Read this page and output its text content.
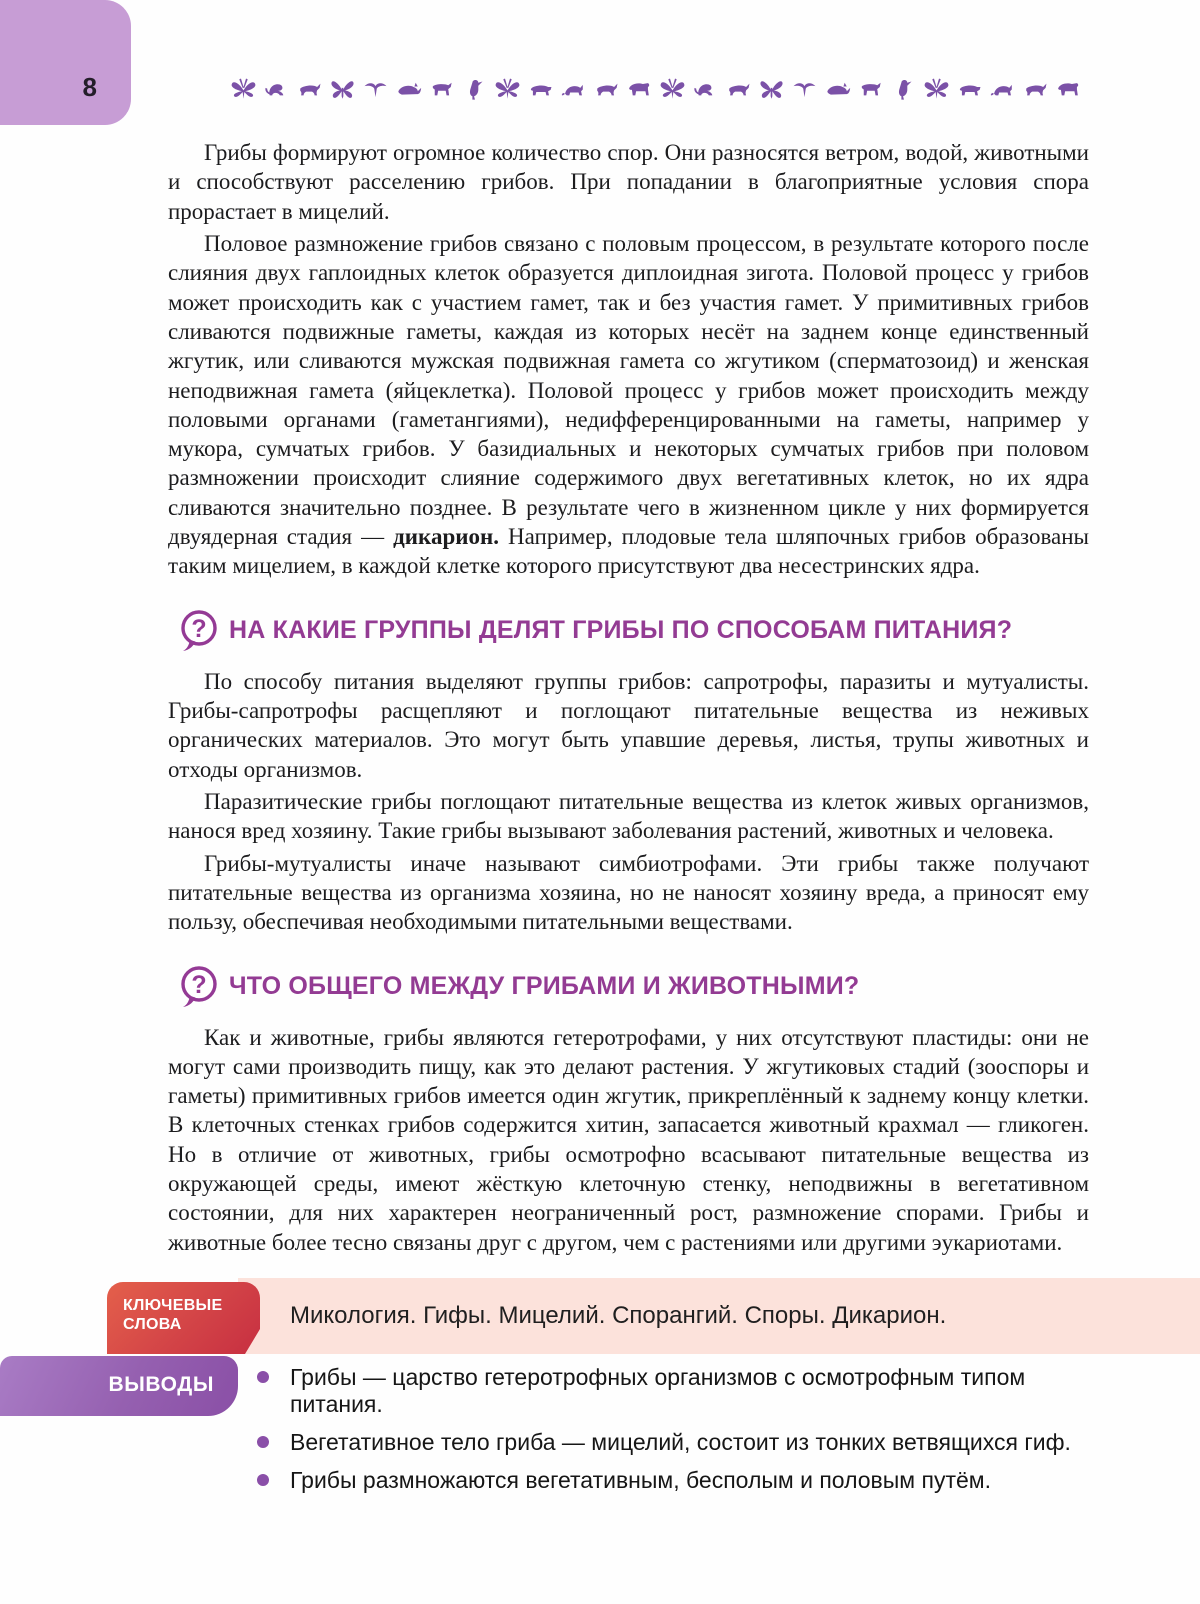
8

Грибы формируют огромное количество спор. Они разносятся ветром, водой, животными и способствуют расселению грибов. При попадании в благоприятные условия спора прорастает в мицелий.

Половое размножение грибов связано с половым процессом, в результате которого после слияния двух гаплоидных клеток образуется диплоидная зигота. Половой процесс у грибов может происходить как с участием гамет, так и без участия гамет. У примитивных грибов сливаются подвижные гаметы, каждая из которых несёт на заднем конце единственный жгутик, или сливаются мужская подвижная гамета со жгутиком (сперматозоид) и женская неподвижная гамета (яйцеклетка). Половой процесс у грибов может происходить между половыми органами (гаметангиями), недифференцированными на гаметы, например у мукора, сумчатых грибов. У базидиальных и некоторых сумчатых грибов при половом размножении происходит слияние содержимого двух вегетативных клеток, но их ядра сливаются значительно позднее. В результате чего в жизненном цикле у них формируется двуядерная стадия — дикарион. Например, плодовые тела шляпочных грибов образованы таким мицелием, в каждой клетке которого присутствуют два несестринских ядра.

? НА КАКИЕ ГРУППЫ ДЕЛЯТ ГРИБЫ ПО СПОСОБАМ ПИТАНИЯ?

По способу питания выделяют группы грибов: сапротрофы, паразиты и мутуалисты. Грибы-сапротрофы расщепляют и поглощают питательные вещества из неживых органических материалов. Это могут быть упавшие деревья, листья, трупы животных и отходы организмов.

Паразитические грибы поглощают питательные вещества из клеток живых организмов, нанося вред хозяину. Такие грибы вызывают заболевания растений, животных и человека.

Грибы-мутуалисты иначе называют симбиотрофами. Эти грибы также получают питательные вещества из организма хозяина, но не наносят хозяину вреда, а приносят ему пользу, обеспечивая необходимыми питательными веществами.

? ЧТО ОБЩЕГО МЕЖДУ ГРИБАМИ И ЖИВОТНЫМИ?

Как и животные, грибы являются гетеротрофами, у них отсутствуют пластиды: они не могут сами производить пищу, как это делают растения. У жгутиковых стадий (зооспоры и гаметы) примитивных грибов имеется один жгутик, прикреплённый к заднему концу клетки. В клеточных стенках грибов содержится хитин, запасается животный крахмал — гликоген. Но в отличие от животных, грибы осмотрофно всасывают питательные вещества из окружающей среды, имеют жёсткую клеточную стенку, неподвижны в вегетативном состоянии, для них характерен неограниченный рост, размножение спорами. Грибы и животные более тесно связаны друг с другом, чем с растениями или другими эукариотами.

Микология. Гифы. Мицелий. Спорангий. Споры. Дикарион.
КЛЮЧЕВЫЕ
СЛОВА
ВЫВОДЫ	Грибы — царство гетеротрофных организмов с осмотрофным типом питания.
Вегетативное тело гриба — мицелий, состоит из тонких ветвящихся гиф.
Грибы размножаются вегетативным, бесполым и половым путём.
